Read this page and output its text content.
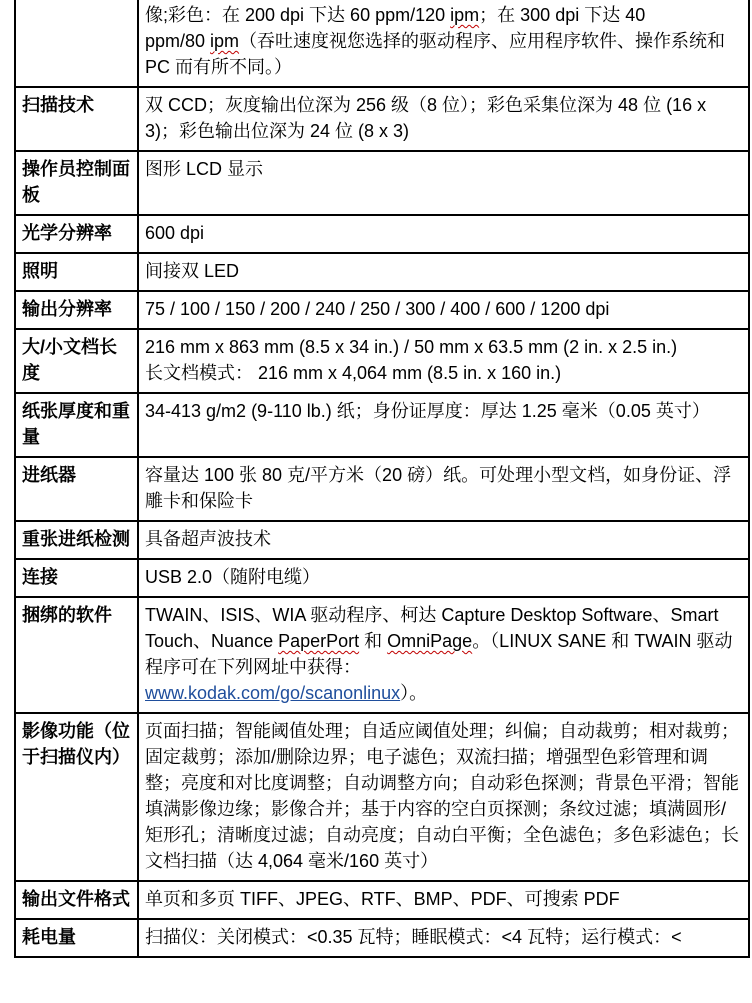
像;彩色：在 200 dpi 下达 60 ppm/120 ipm；在 300 dpi 下达 40
ppm/80 ipm（吞吐速度视您选择的驱动程序、应用程序软件、操作系统和 PC 而有所不同。）
扫描技术	双 CCD；灰度输出位深为 256 级（8 位）；彩色采集位深为 48 位 (16 x 3)；彩色输出位深为 24 位 (8 x 3)
操作员控制面板	图形 LCD 显示
光学分辨率	600 dpi
照明	间接双 LED
输出分辨率	75 / 100 / 150 / 200 / 240 / 250 / 300 / 400 / 600 / 1200 dpi
大/小文档长度	216 mm x 863 mm (8.5 x 34 in.) / 50 mm x 63.5 mm (2 in. x 2.5 in.)
长文档模式： 216 mm x 4,064 mm (8.5 in. x 160 in.)
纸张厚度和重量	34-413 g/m2 (9-110 lb.) 纸；身份证厚度：厚达 1.25 毫米（0.05 英寸）
进纸器	容量达 100 张 80 克/平方米（20 磅）纸。可处理小型文档，如身份证、浮雕卡和保险卡
重张进纸检测	具备超声波技术
连接	USB 2.0（随附电缆）
捆绑的软件	TWAIN、ISIS、WIA 驱动程序、柯达 Capture Desktop Software、Smart Touch、Nuance PaperPort 和 OmniPage。（LINUX SANE 和 TWAIN 驱动程序可在下列网址中获得：
www.kodak.com/go/scanonlinux）。
影像功能（位于扫描仪内）	页面扫描；智能阈值处理；自适应阈值处理；纠偏；自动裁剪；相对裁剪；固定裁剪；添加/删除边界；电子滤色；双流扫描；增强型色彩管理和调整；亮度和对比度调整；自动调整方向；自动彩色探测；背景色平滑；智能填满影像边缘；影像合并；基于内容的空白页探测；条纹过滤；填满圆形/矩形孔；清晰度过滤；自动亮度；自动白平衡；全色滤色；多色彩滤色；长文档扫描（达 4,064 毫米/160 英寸）
输出文件格式	单页和多页 TIFF、JPEG、RTF、BMP、PDF、可搜索 PDF
耗电量	扫描仪：关闭模式：<0.35 瓦特；睡眠模式：<4 瓦特；运行模式：<
